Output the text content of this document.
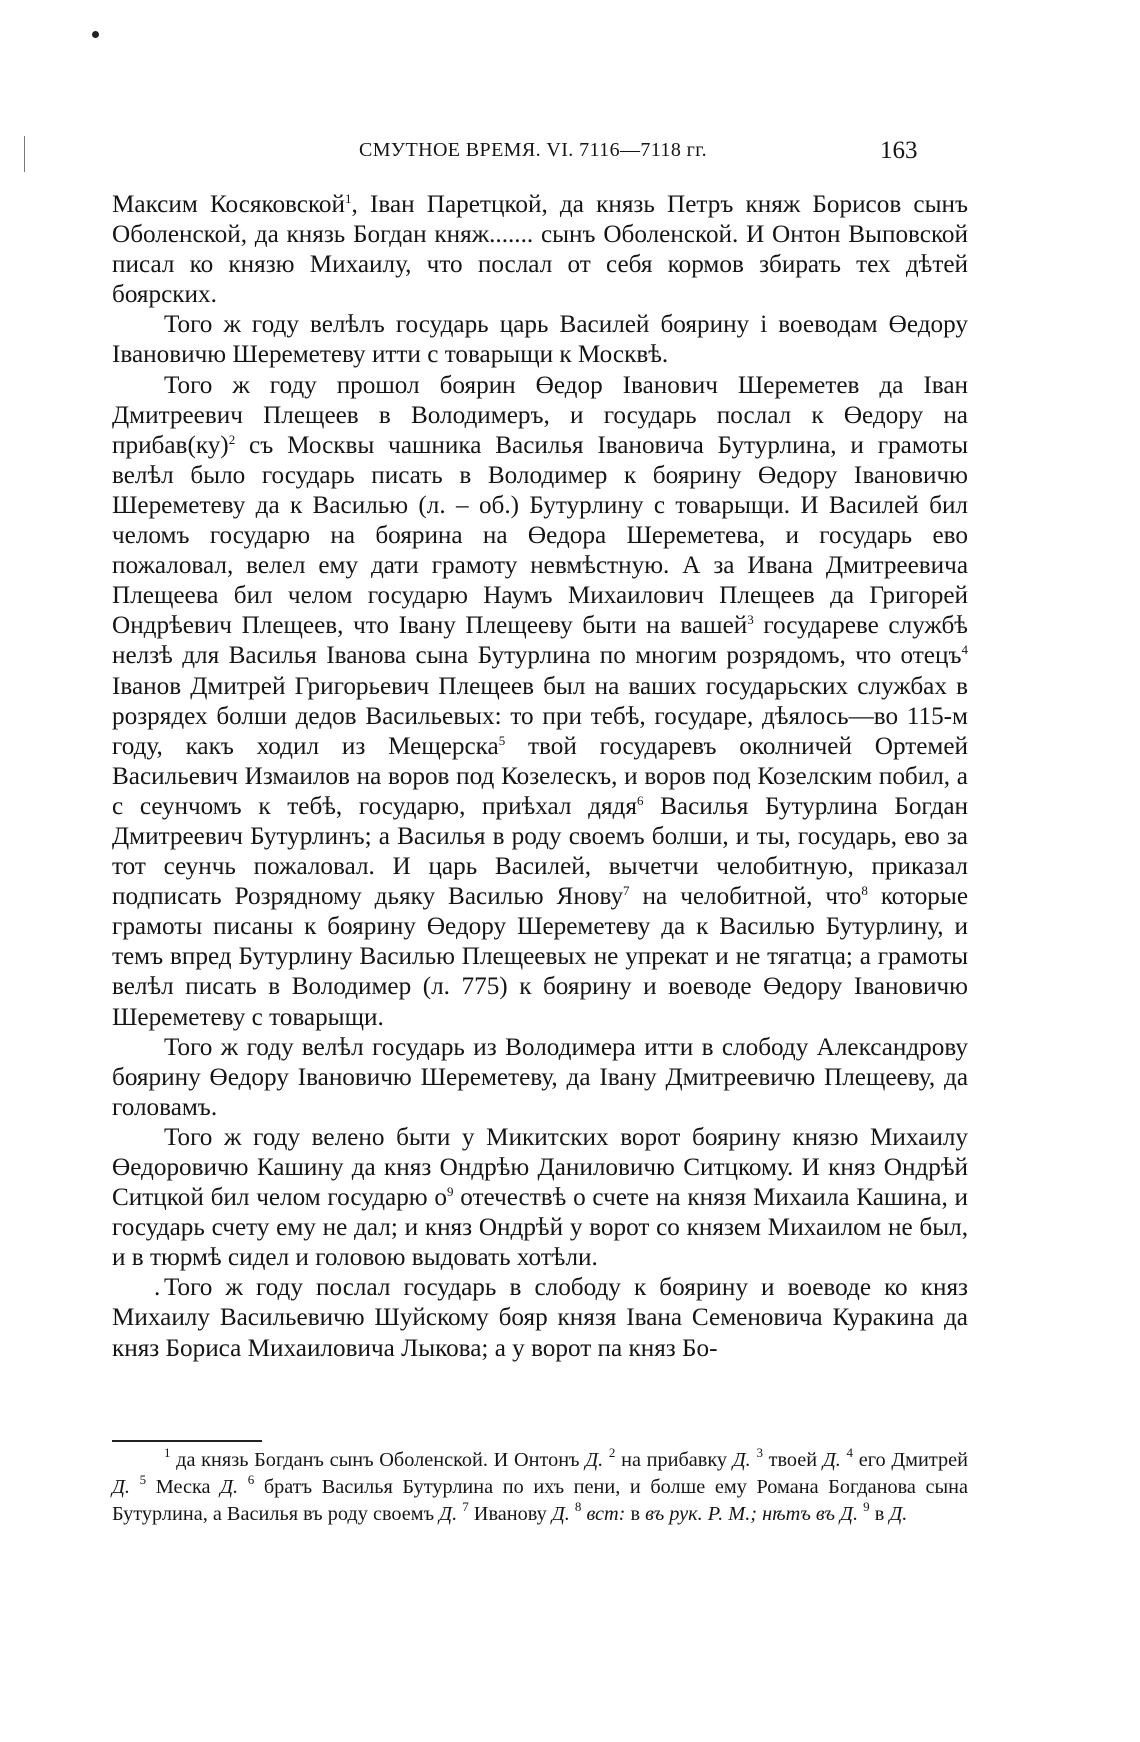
СМУТНОЕ ВРЕМЯ. VI. 7116—7118 гг.	163

Максим Косяковской$^1$, Іван Паретцкой, да князь Петръ княж Борисов сынъ Оболенской, да князь Богдан княж....... сынъ Оболенской. И Онтон Выповской писал ко князю Михаилу, что послал от себя кормов збирать тех дѣтей боярских.

Того ж году велѣлъ государь царь Василей боярину і воеводам Өедору Івановичю Шереметеву итти с товарыщи к Москвѣ.

Того ж году прошол боярин Өедор Іванович Шереметев да Іван Дмитреевич Плещеев в Володимеръ, и государь послал к Өедору на прибав(ку)$^2$ съ Москвы чашника Василья Івановича Бутурлина, и грамоты велѣл было государь писать в Володимер к боярину Өедору Івановичю Шереметеву да к Василью (л. – об.) Бутурлину с товарыщи. И Василей бил челомъ государю на боярина на Өедора Шереметева, и государь ево пожаловал, велел ему дати грамоту невмѣстную. А за Ивана Дмитреевича Плещеева бил челом государю Наумъ Михаилович Плещеев да Григорей Ондрѣевич Плещеев, что Івану Плещееву быти на вашей$^3$ государеве службѣ нелзѣ для Василья Іванова сына Бутурлина по многим розрядомъ, что отецъ$^4$ Іванов Дмитрей Григорьевич Плещеев был на ваших государьских службах в розрядех болши дедов Васильевых: то при тебѣ, государе, дѣялось—во 115-м году, какъ ходил из Мещерска$^5$ твой государевъ околничей Ортемей Васильевич Измаилов на воров под Козелескъ, и воров под Козелским побил, а с сеунчомъ к тебѣ, государю, приѣхал дядя$^6$ Василья Бутурлина Богдан Дмитреевич Бутурлинъ; а Василья в роду своемъ болши, и ты, государь, ево за тот сеунчь пожаловал. И царь Василей, вычетчи челобитную, приказал подписать Розрядному дьяку Василью Янову$^7$ на челобитной, что$^8$ которые грамоты писаны к боярину Өедору Шереметеву да к Василью Бутурлину, и темъ впред Бутурлину Василью Плещеевых не упрекат и не тягатца; а грамоты велѣл писать в Володимер (л. 775) к боярину и воеводе Өедору Івановичю Шереметеву с товарыщи.

Того ж году велѣл государь из Володимера итти в слободу Александрову боярину Өедору Івановичю Шереметеву, да Івану Дмитреевичю Плещееву, да головамъ.

Того ж году велено быти у Микитских ворот боярину князю Михаилу Өедоровичю Кашину да княз Ондрѣю Даниловичю Ситцкому. И княз Ондрѣй Ситцкой бил челом государю о$^9$ отечествѣ о счете на князя Михаила Кашина, и государь счету ему не дал; и княз Ондрѣй у ворот со князем Михаилом не был, и в тюрмѣ сидел и головою выдовать хотѣли.

. Того ж году послал государь в слободу к боярину и воеводе ко княз Михаилу Васильевичю Шуйскому бояр князя Івана Семеновича Куракина да княз Бориса Михаиловича Лыкова; а у ворот па княз Бо-

$^1$ да князь Богданъ сынъ Оболенской. И Онтонъ Д. $^2$ на прибавку Д. $^3$ твоей Д. $^4$ его Дмитрей Д. $^5$ Меска Д. $^6$ братъ Василья Бутурлина по ихъ пени, и болше ему Романа Богданова сына Бутурлина, а Василья въ роду своемъ Д. $^7$ Иванову Д. $^8$ вст: в въ рук. Р. М.; нѣтъ въ Д. $^9$ в Д.
